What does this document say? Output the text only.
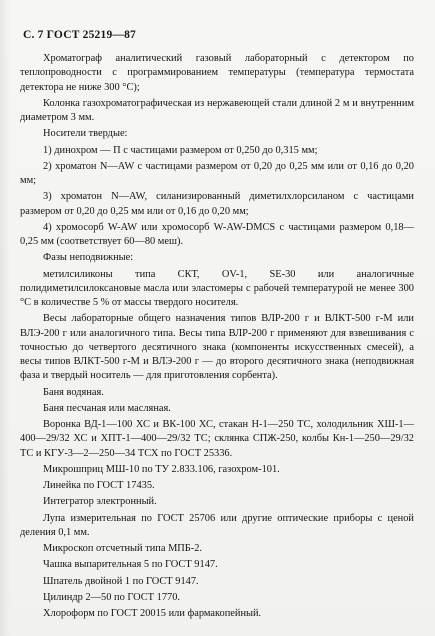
С. 7 ГОСТ 25219—87

Хроматограф аналитический газовый лабораторный с детектором по теплопроводности с программированием температуры (температура термостата детектора не ниже 300 °С);

Колонка газохроматографическая из нержавеющей стали длиной 2 м и внутренним диаметром 3 мм.

Носители твердые:

1) динохром — П с частицами размером от 0,250 до 0,315 мм;

2) хроматон N—AW с частицами размером от 0,20 до 0,25 мм или от 0,16 до 0,20 мм;

3) хроматон N—AW, силанизированный диметилхлорсиланом с частицами размером от 0,20 до 0,25 мм или от 0,16 до 0,20 мм;

4) хромосорб W-AW или хромосорб W-AW-DMCS с частицами размером 0,18—0,25 мм (соответствует 60—80 меш).

Фазы неподвижные:

метилсиликоны типа СКТ, OV-1, SE-30 или аналогичные полидиметилсилоксановые масла или эластомеры с рабочей температурой не менее 300 °С в количестве 5 % от массы твердого носителя.

Весы лабораторные общего назначения типов ВЛР-200 г и ВЛКТ-500 г-М или ВЛЭ-200 г или аналогичного типа. Весы типа ВЛР-200 г применяют для взвешивания с точностью до четвертого десятичного знака (компоненты искусственных смесей), а весы типов ВЛКТ-500 г-М и ВЛЭ-200 г — до второго десятичного знака (неподвижная фаза и твердый носитель — для приготовления сорбента).

Баня водяная.

Баня песчаная или масляная.

Воронка ВД-1—100 ХС и ВК-100 ХС, стакан Н-1—250 ТС, холодильник ХШ-1—400—29/32 ХС и ХПТ-1—400—29/32 ТС; склянка СПЖ-250, колбы Кн-1—250—29/32 ТС и КГУ-3—2—250—34 ТСХ по ГОСТ 25336.

Микрошприц МШ-10 по ТУ 2.833.106, газохром-101.

Линейка по ГОСТ 17435.

Интегратор электронный.

Лупа измерительная по ГОСТ 25706 или другие оптические приборы с ценой деления 0,1 мм.

Микроскоп отсчетный типа МПБ-2.

Чашка выпарительная 5 по ГОСТ 9147.

Шпатель двойной 1 по ГОСТ 9147.

Цилиндр 2—50 по ГОСТ 1770.

Хлороформ по ГОСТ 20015 или фармакопейный.
